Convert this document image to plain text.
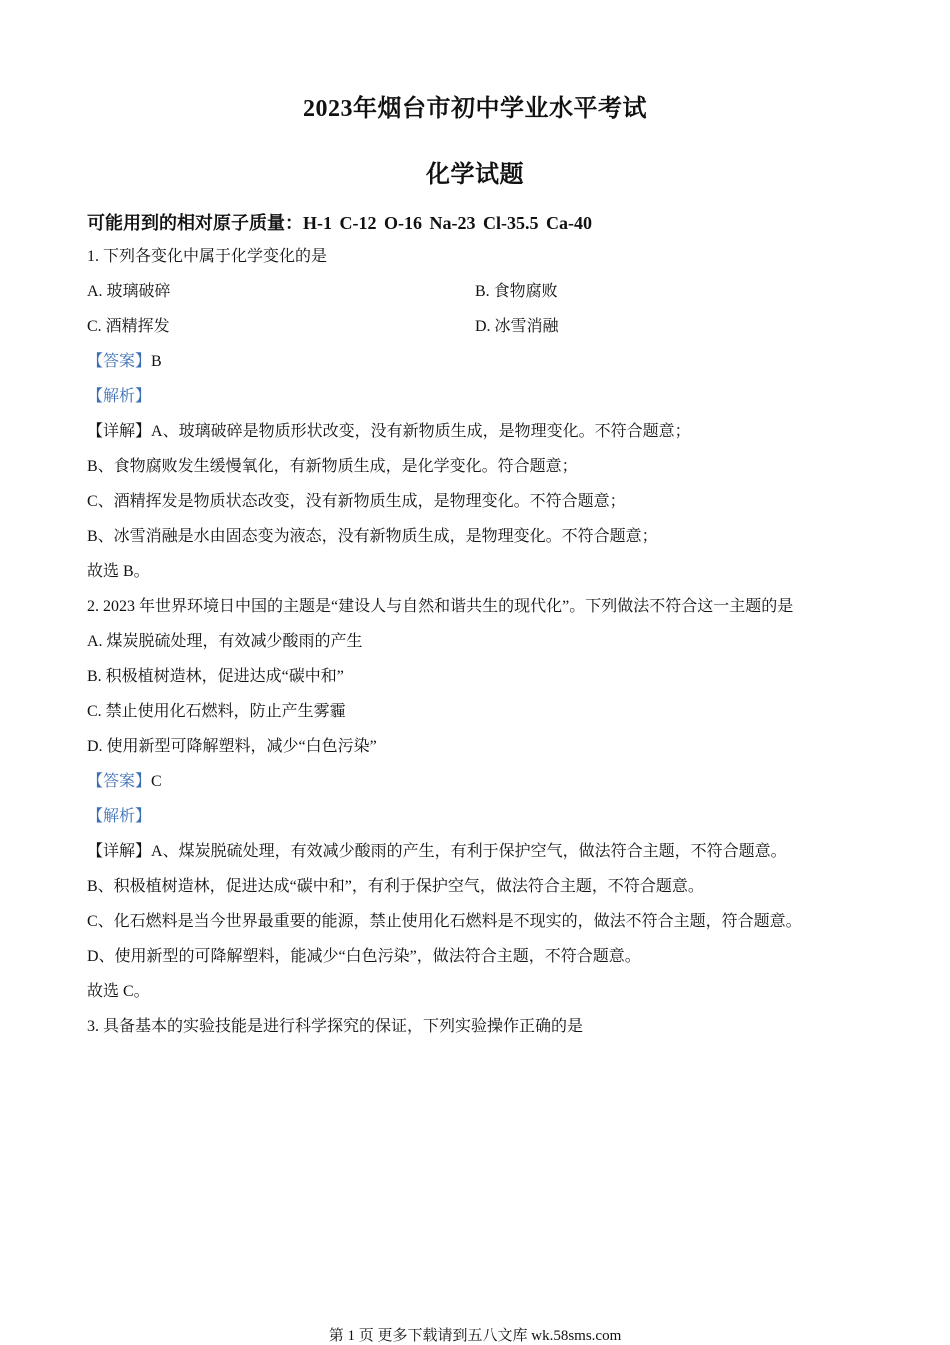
2023年烟台市初中学业水平考试
化学试题
可能用到的相对原子质量：H-1 C-12 O-16 Na-23 Cl-35.5 Ca-40
1. 下列各变化中属于化学变化的是
A. 玻璃破碎	B. 食物腐败
C. 酒精挥发	D. 冰雪消融
【答案】B
【解析】
【详解】A、玻璃破碎是物质形状改变，没有新物质生成，是物理变化。不符合题意；
B、食物腐败发生缓慢氧化，有新物质生成，是化学变化。符合题意；
C、酒精挥发是物质状态改变，没有新物质生成，是物理变化。不符合题意；
B、冰雪消融是水由固态变为液态，没有新物质生成，是物理变化。不符合题意；
故选 B。
2. 2023 年世界环境日中国的主题是“建设人与自然和谐共生的现代化”。下列做法不符合这一主题的是
A. 煤炭脱硫处理，有效减少酸雨的产生
B. 积极植树造林，促进达成“碳中和”
C. 禁止使用化石燃料，防止产生雾霾
D. 使用新型可降解塑料，减少“白色污染”
【答案】C
【解析】
【详解】A、煤炭脱硫处理，有效减少酸雨的产生，有利于保护空气，做法符合主题，不符合题意。
B、积极植树造林，促进达成“碳中和”，有利于保护空气，做法符合主题，不符合题意。
C、化石燃料是当今世界最重要的能源，禁止使用化石燃料是不现实的，做法不符合主题，符合题意。
D、使用新型的可降解塑料，能减少“白色污染”，做法符合主题，不符合题意。
故选 C。
3. 具备基本的实验技能是进行科学探究的保证，下列实验操作正确的是
第 1 页 更多下载请到五八文库 wk.58sms.com
